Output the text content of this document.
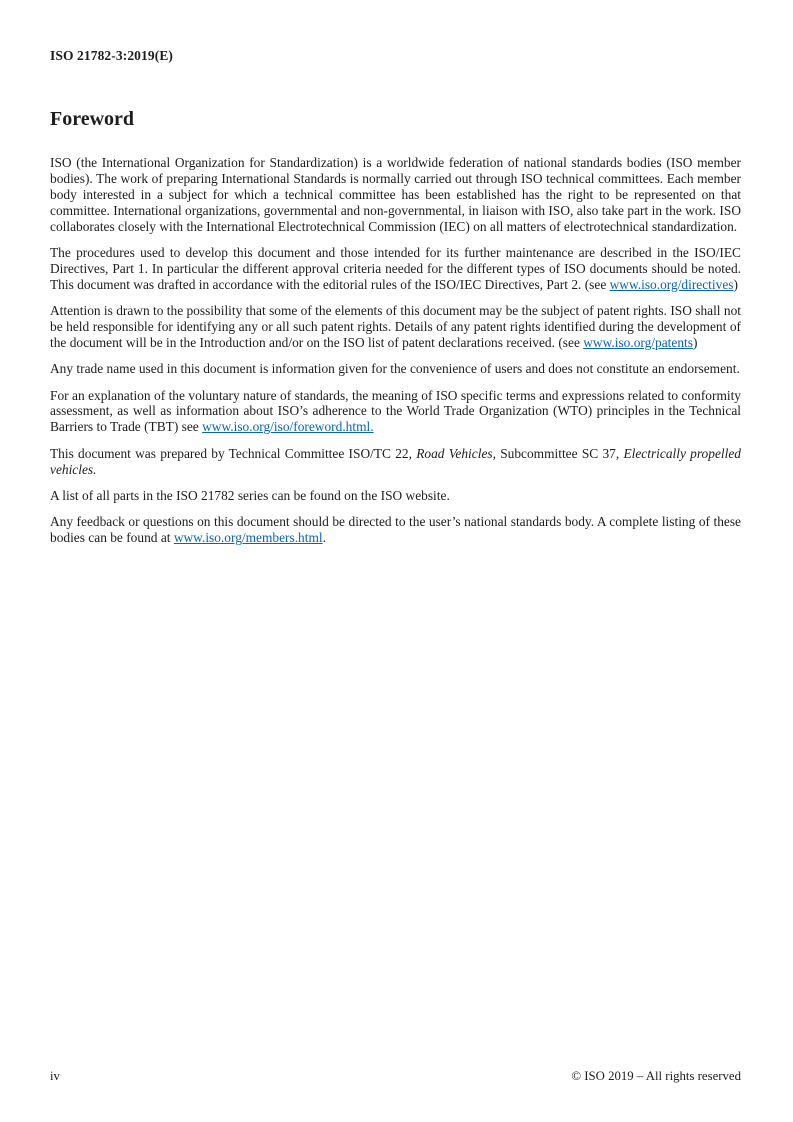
ISO 21782-3:2019(E)
Foreword

ISO (the International Organization for Standardization) is a worldwide federation of national standards bodies (ISO member bodies). The work of preparing International Standards is normally carried out through ISO technical committees. Each member body interested in a subject for which a technical committee has been established has the right to be represented on that committee. International organizations, governmental and non-governmental, in liaison with ISO, also take part in the work. ISO collaborates closely with the International Electrotechnical Commission (IEC) on all matters of electrotechnical standardization.

The procedures used to develop this document and those intended for its further maintenance are described in the ISO/IEC Directives, Part 1. In particular the different approval criteria needed for the different types of ISO documents should be noted. This document was drafted in accordance with the editorial rules of the ISO/IEC Directives, Part 2. (see www.iso.org/directives)

Attention is drawn to the possibility that some of the elements of this document may be the subject of patent rights. ISO shall not be held responsible for identifying any or all such patent rights. Details of any patent rights identified during the development of the document will be in the Introduction and/or on the ISO list of patent declarations received. (see www.iso.org/patents)

Any trade name used in this document is information given for the convenience of users and does not constitute an endorsement.

For an explanation of the voluntary nature of standards, the meaning of ISO specific terms and expressions related to conformity assessment, as well as information about ISO’s adherence to the World Trade Organization (WTO) principles in the Technical Barriers to Trade (TBT) see www.iso.org/iso/foreword.html.

This document was prepared by Technical Committee ISO/TC 22, Road Vehicles, Subcommittee SC 37, Electrically propelled vehicles.

A list of all parts in the ISO 21782 series can be found on the ISO website.

Any feedback or questions on this document should be directed to the user’s national standards body. A complete listing of these bodies can be found at www.iso.org/members.html.

iv	© ISO 2019 – All rights reserved
